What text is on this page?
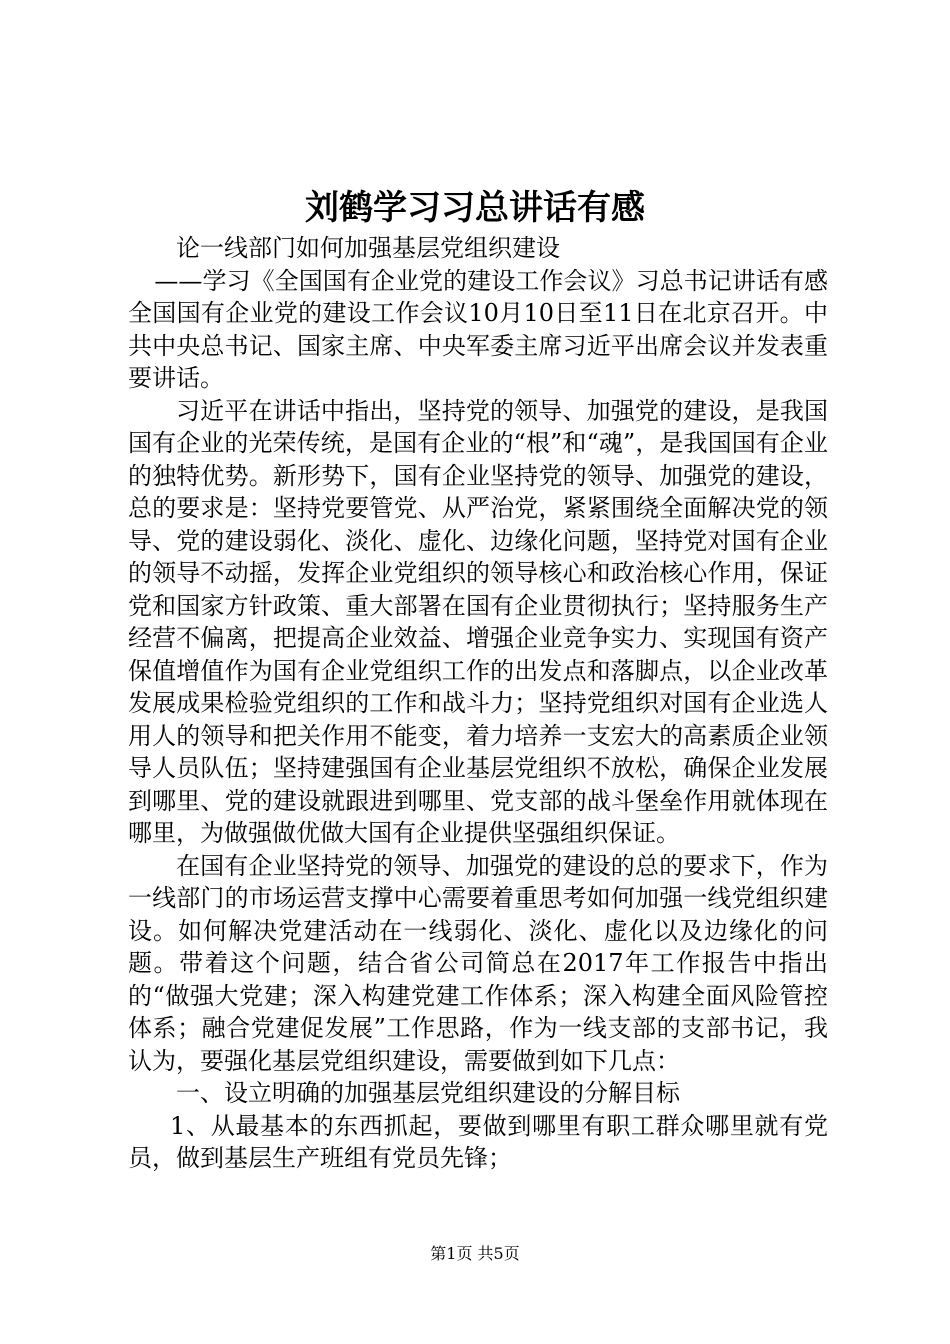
刘鹤学习习总讲话有感

论一线部门如何加强基层党组织建设

——学习《全国国有企业党的建设工作会议》习总书记讲话有感全国国有企业党的建设工作会议10月10日至11日在北京召开。中共中央总书记、国家主席、中央军委主席习近平出席会议并发表重要讲话。

习近平在讲话中指出，坚持党的领导、加强党的建设，是我国国有企业的光荣传统，是国有企业的“根”和“魂”，是我国国有企业的独特优势。新形势下，国有企业坚持党的领导、加强党的建设，总的要求是：坚持党要管党、从严治党，紧紧围绕全面解决党的领导、党的建设弱化、淡化、虚化、边缘化问题，坚持党对国有企业的领导不动摇，发挥企业党组织的领导核心和政治核心作用，保证党和国家方针政策、重大部署在国有企业贯彻执行；坚持服务生产经营不偏离，把提高企业效益、增强企业竞争实力、实现国有资产保值增值作为国有企业党组织工作的出发点和落脚点，以企业改革发展成果检验党组织的工作和战斗力；坚持党组织对国有企业选人用人的领导和把关作用不能变，着力培养一支宏大的高素质企业领导人员队伍；坚持建强国有企业基层党组织不放松，确保企业发展到哪里、党的建设就跟进到哪里、党支部的战斗堡垒作用就体现在哪里，为做强做优做大国有企业提供坚强组织保证。

在国有企业坚持党的领导、加强党的建设的总的要求下，作为一线部门的市场运营支撑中心需要着重思考如何加强一线党组织建设。如何解决党建活动在一线弱化、淡化、虚化以及边缘化的问题。带着这个问题，结合省公司简总在2017年工作报告中指出的“做强大党建；深入构建党建工作体系；深入构建全面风险管控体系；融合党建促发展”工作思路，作为一线支部的支部书记，我认为，要强化基层党组织建设，需要做到如下几点：

一、设立明确的加强基层党组织建设的分解目标

1、从最基本的东西抓起，要做到哪里有职工群众哪里就有党员，做到基层生产班组有党员先锋；

第1页 共5页
